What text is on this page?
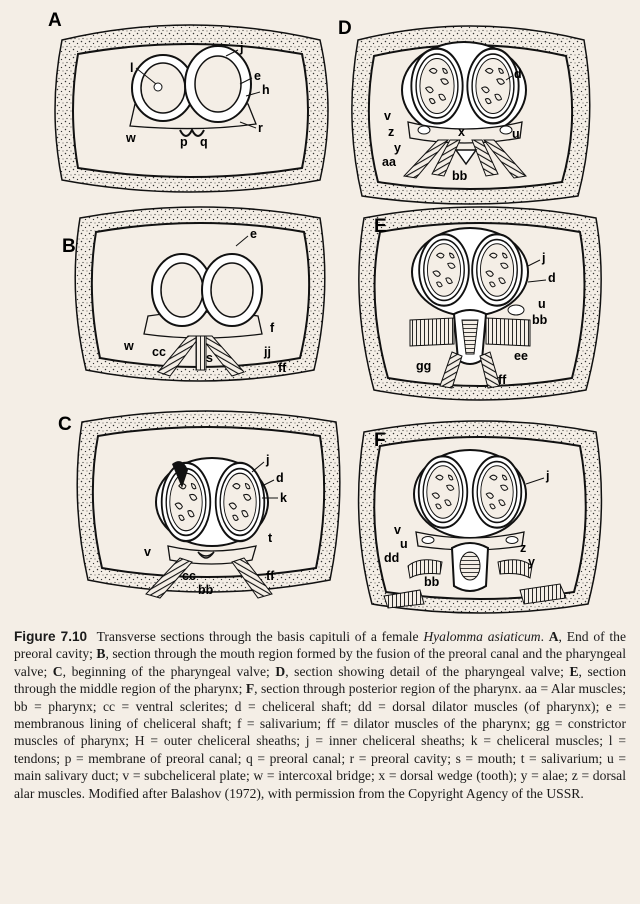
A
l
j
e
h
w	p q
r
B
e
f
w cc	s	jj
ff
C
j
d
k
t
v
cc
bb
ff
D
d
v
z	x	u
y
aa
bb
E
j
d
u
bb
ee
gg
ff
F
j
v
u	z
y
dd
bb

Figure 7.10 Transverse sections through the basis capituli of a female Hyalomma asiaticum. A, End of the preoral cavity; B, section through the mouth region formed by the fusion of the preoral canal and the pharyngeal valve; C, beginning of the pharyngeal valve; D, section showing detail of the pharyngeal valve; E, section through the middle region of the pharynx; F, section through posterior region of the pharynx. aa = Alar muscles; bb = pharynx; cc = ventral sclerites; d = cheliceral shaft; dd = dorsal dilator muscles (of pharynx); e = membranous lining of cheliceral shaft; f = salivarium; ff = dilator muscles of the pharynx; gg = constrictor muscles of pharynx; H = outer cheliceral sheaths; j = inner cheliceral sheaths; k = cheliceral muscles; l = tendons; p = membrane of preoral canal; q = preoral canal; r = preoral cavity; s = mouth; t = salivarium; u = main salivary duct; v = subcheliceral plate; w = intercoxal bridge; x = dorsal wedge (tooth); y = alae; z = dorsal alar muscles. Modified after Balashov (1972), with permission from the Copyright Agency of the USSR.
